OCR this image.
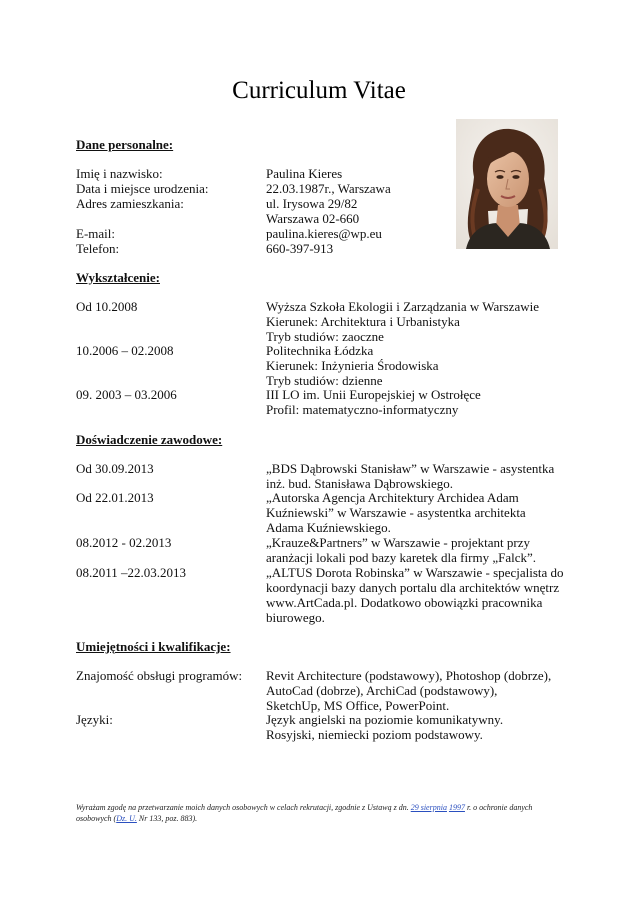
Curriculum Vitae
Dane personalne:
Imię i nazwisko:	Paulina Kieres
Data i miejsce urodzenia:	22.03.1987r., Warszawa
Adres zamieszkania:	ul. Irysowa 29/82
Warszawa 02-660
E-mail:	paulina.kieres@wp.eu
Telefon:	660-397-913
Wykształcenie:
Od 10.2008	Wyższa Szkoła Ekologii i Zarządzania w Warszawie
Kierunek: Architektura i Urbanistyka
Tryb studiów: zaoczne
10.2006 – 02.2008	Politechnika Łódzka
Kierunek: Inżynieria Środowiska
Tryb studiów: dzienne
09. 2003 – 03.2006	III LO im. Unii Europejskiej w Ostrołęce
Profil: matematyczno-informatyczny
Doświadczenie zawodowe:
Od 30.09.2013	„BDS Dąbrowski Stanisław” w Warszawie - asystentka
inż. bud. Stanisława Dąbrowskiego.
Od 22.01.2013	„Autorska Agencja Architektury Archidea Adam
Kuźniewski” w Warszawie - asystentka architekta
Adama Kuźniewskiego.
08.2012 - 02.2013	„Krauze&Partners” w Warszawie - projektant przy
aranżacji lokali pod bazy karetek dla firmy „Falck”.
08.2011 –22.03.2013	„ALTUS Dorota Robinska” w Warszawie - specjalista do
koordynacji bazy danych portalu dla architektów wnętrz
www.ArtCada.pl. Dodatkowo obowiązki pracownika
biurowego.
Umiejętności i kwalifikacje:
Znajomość obsługi programów:	Revit Architecture (podstawowy), Photoshop (dobrze),
AutoCad (dobrze), ArchiCad (podstawowy),
SketchUp, MS Office, PowerPoint.
Języki:	Język angielski na poziomie komunikatywny.
Rosyjski, niemiecki poziom podstawowy.
Wyrażam zgodę na przetwarzanie moich danych osobowych w celach rekrutacji, zgodnie z Ustawą z dn. 29 sierpnia 1997 r. o ochronie danych osobowych (Dz. U. Nr 133, poz. 883).
